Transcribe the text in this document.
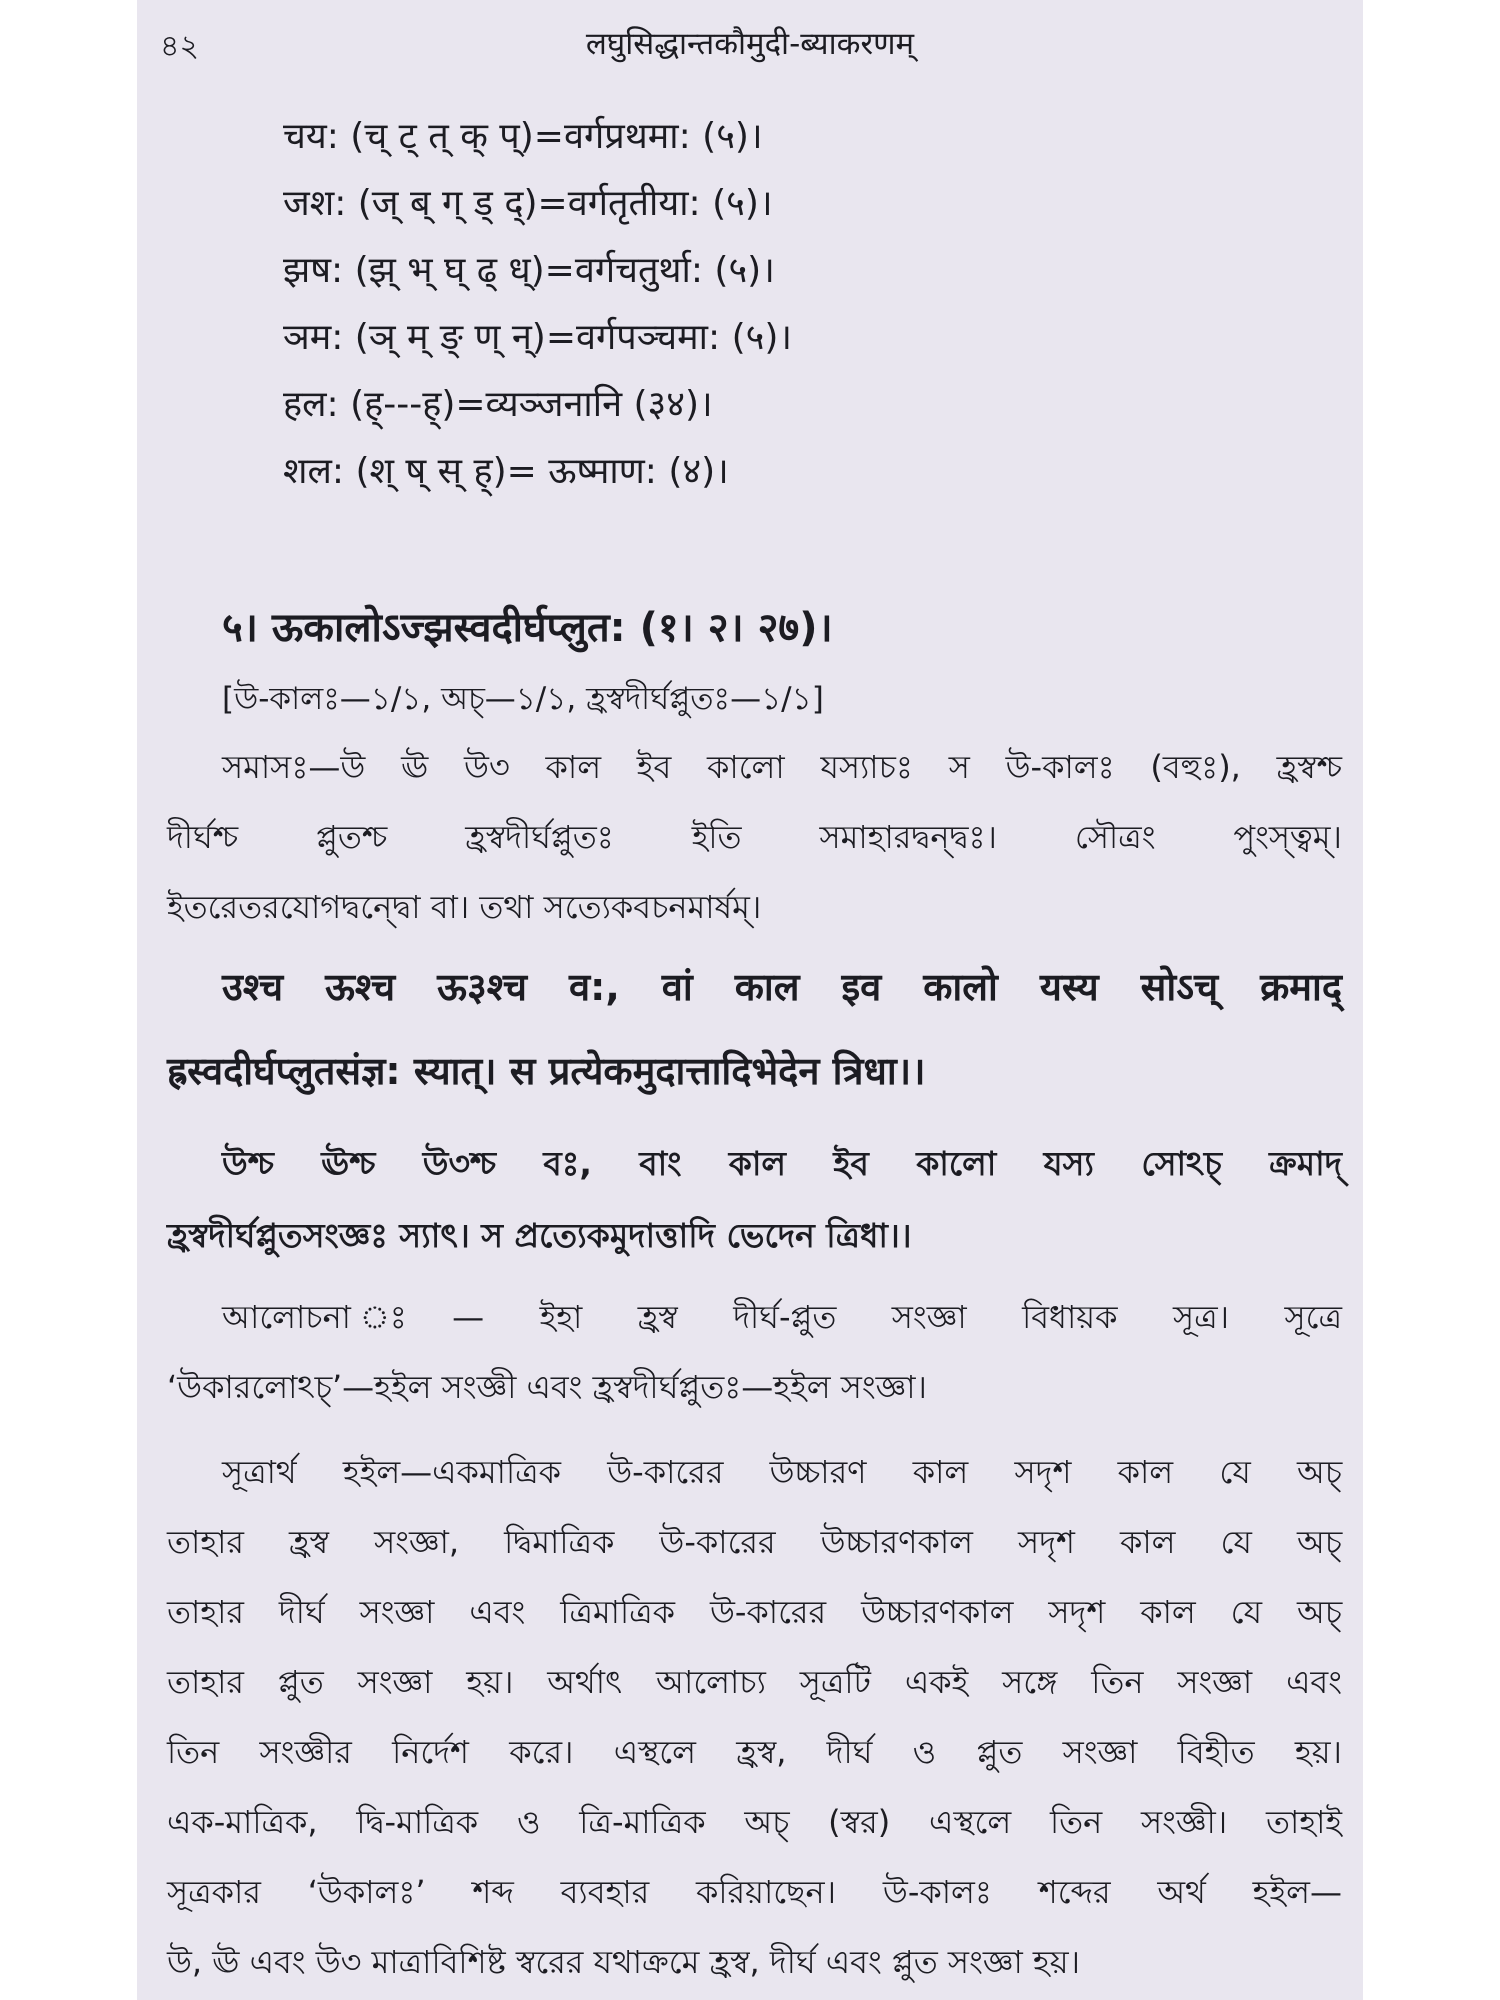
৪২	लघुसिद्धान्तकौमुदी-ब्याकरणम्
चय: (च् ट् त् क् प्)=वर्गप्रथमा: (५)।
जश: (ज् ब् ग् ड् द्)=वर्गतृतीया: (५)।
झष: (झ् भ् घ् ढ् ध्)=वर्गचतुर्था: (५)।
ञम: (ञ् म् ङ् ण् न्)=वर्गपञ्चमा: (५)।
हल: (ह्---ह्)=व्यञ्जनानि (३४)।
शल: (श् ष् स् ह्)= ऊष्माण: (४)।
५। ऊकालोऽज्झस्वदीर्घप्लुत: (१। २। २७)।
[উ-কালঃ—১/১, অচ্—১/১, হ্রস্বদীর্ঘপ্লুতঃ—১/১]
সমাসঃ—উ ঊ উ৩ কাল ইব কালো যস্যাচঃ স উ-কালঃ (বহুঃ), হ্রস্বশ্চ
দীর্ঘশ্চ প্লুতশ্চ হ্রস্বদীর্ঘপ্লুতঃ ইতি সমাহারদ্বন্দ্বঃ। সৌত্রং পুংস্ত্বম্।
ইতরেতরযোগদ্বন্দ্বো বা। তথা সত্যেকবচনমার্ষম্।
उश्च ऊश्च ऊ३श्च व:, वां काल इव कालो यस्य सोऽच् क्रमाद्
ह्रस्वदीर्घप्लुतसंज्ञ: स्यात्। स प्रत्येकमुदात्तादिभेदेन त्रिधा।।
উশ্চ ঊশ্চ উ৩শ্চ বঃ, বাং কাল ইব কালো যস্য সোঽচ্ ক্রমাদ্
হ্রস্বদীর্ঘপ্লুতসংজ্ঞঃ স্যাৎ। স প্রত্যেকমুদাত্তাদি ভেদেন ত্রিধা।।
আলোচনা ঃ— ইহা হ্রস্ব দীর্ঘ-প্লুত সংজ্ঞা বিধায়ক সূত্র। সূত্রে
‘উকারলোঽচ্’—হইল সংজ্ঞী এবং হ্রস্বদীর্ঘপ্লুতঃ—হইল সংজ্ঞা।
সূত্রার্থ হইল—একমাত্রিক উ-কারের উচ্চারণ কাল সদৃশ কাল যে অচ্
তাহার হ্রস্ব সংজ্ঞা, দ্বিমাত্রিক উ-কারের উচ্চারণকাল সদৃশ কাল যে অচ্
তাহার দীর্ঘ সংজ্ঞা এবং ত্রিমাত্রিক উ-কারের উচ্চারণকাল সদৃশ কাল যে অচ্
তাহার প্লুত সংজ্ঞা হয়। অর্থাৎ আলোচ্য সূত্রটি একই সঙ্গে তিন সংজ্ঞা এবং
তিন সংজ্ঞীর নির্দেশ করে। এস্থলে হ্রস্ব, দীর্ঘ ও প্লুত সংজ্ঞা বিহীত হয়।
এক-মাত্রিক, দ্বি-মাত্রিক ও ত্রি-মাত্রিক অচ্ (স্বর) এস্থলে তিন সংজ্ঞী। তাহাই
সূত্রকার ‘উকালঃ’ শব্দ ব্যবহার করিয়াছেন। উ-কালঃ শব্দের অর্থ হইল—
উ, ঊ এবং উ৩ মাত্রাবিশিষ্ট স্বরের যথাক্রমে হ্রস্ব, দীর্ঘ এবং প্লুত সংজ্ঞা হয়।
